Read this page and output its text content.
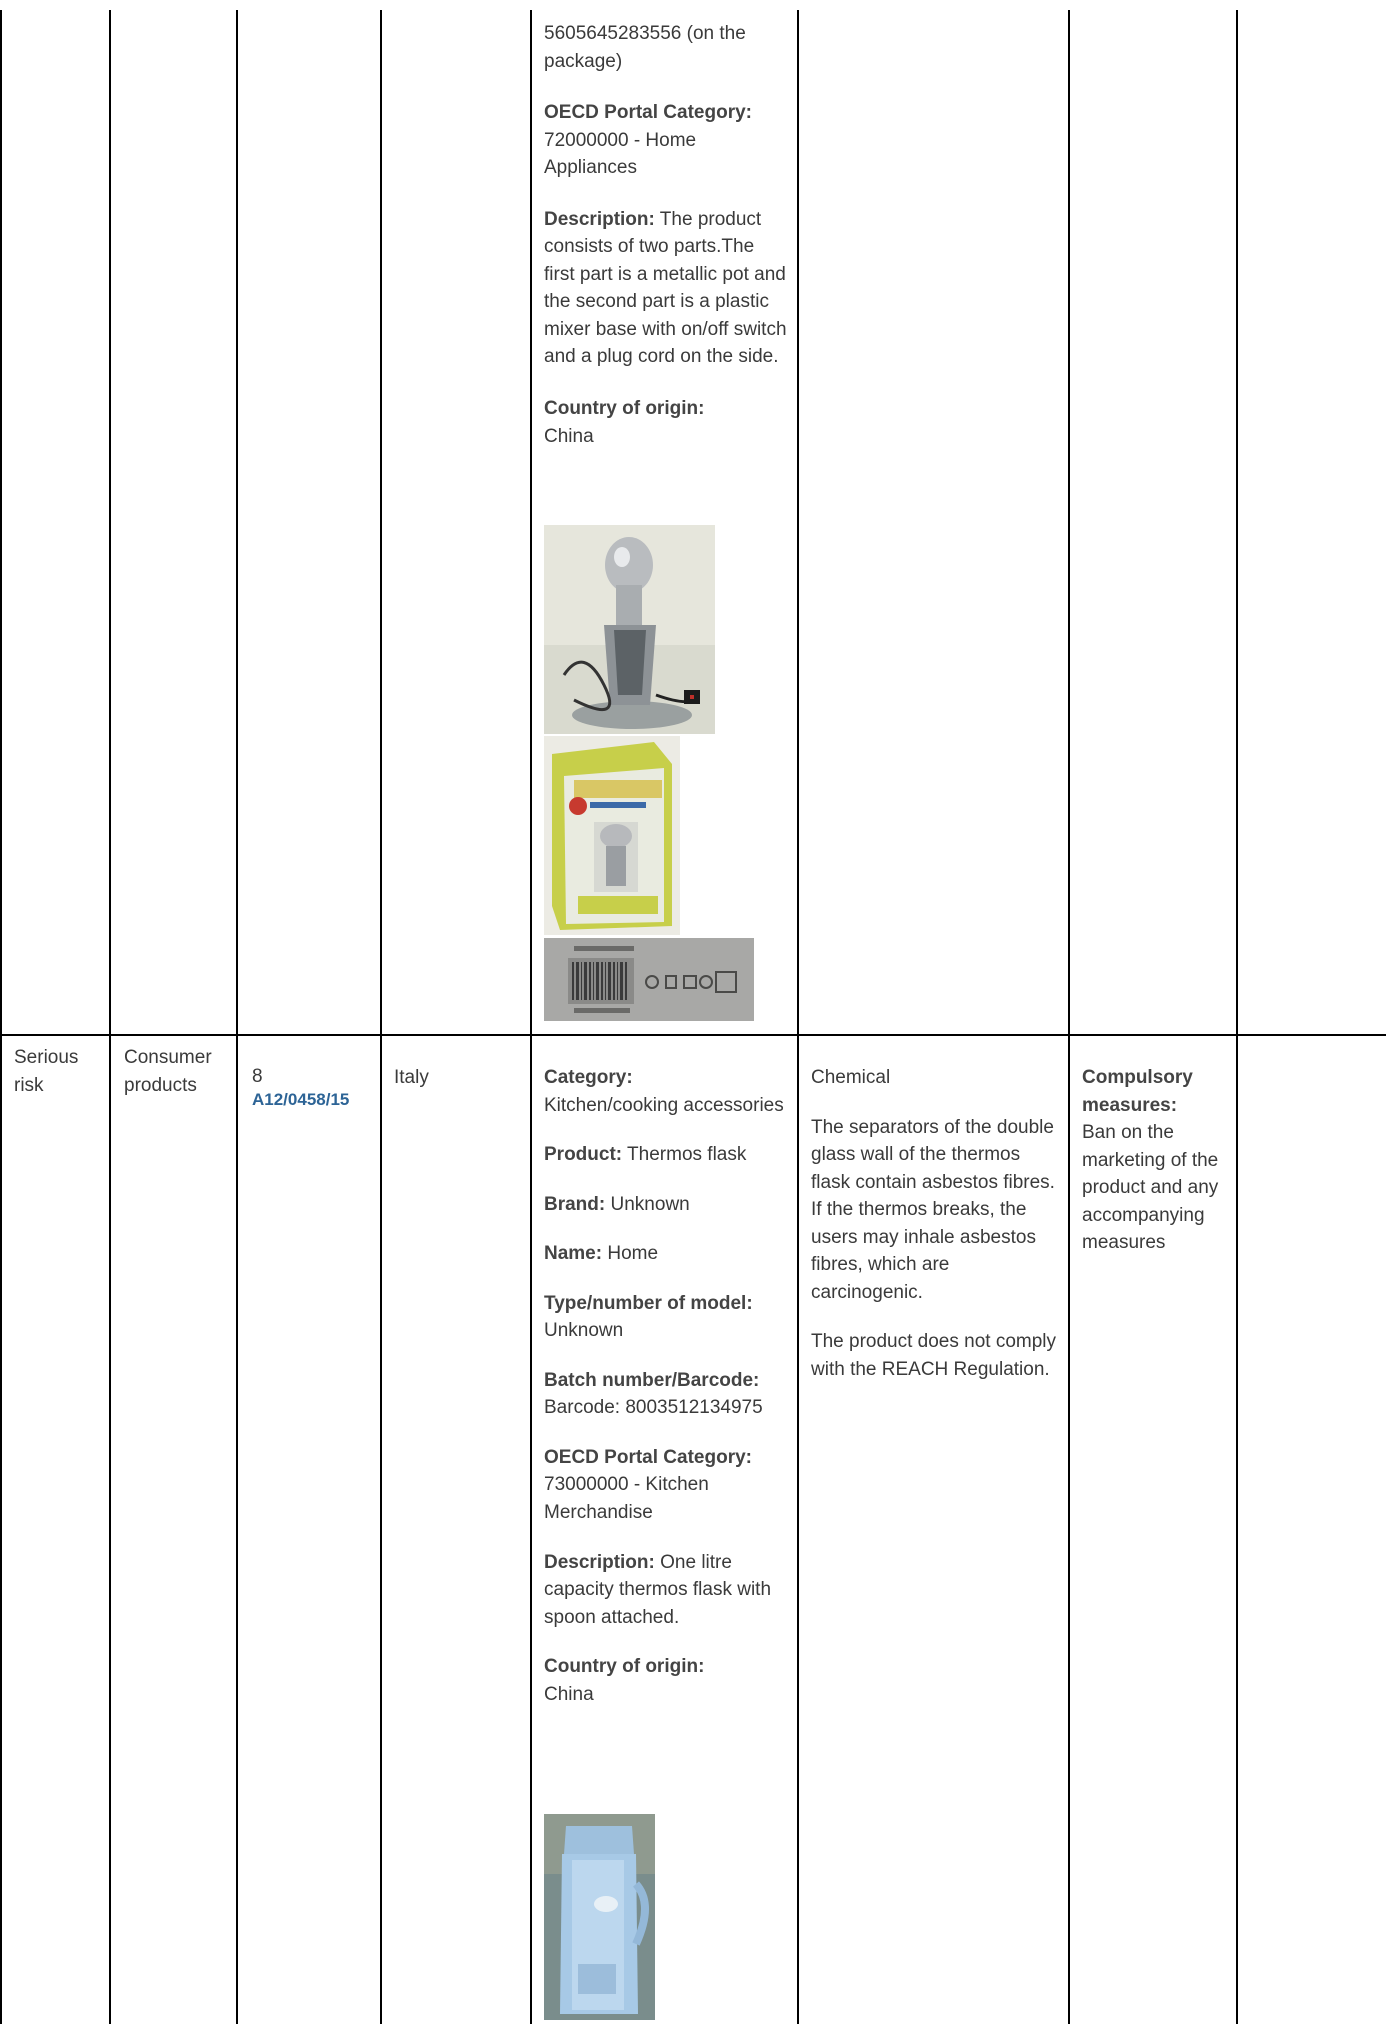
5605645283556 (on the package)

OECD Portal Category: 72000000 - Home Appliances

Description: The product consists of two parts.The first part is a metallic pot and the second part is a plastic mixer base with on/off switch and a plug cord on the side.

Country of origin:
China

Serious risk
Consumer products	8
A12/0458/15
Italy	Category:
Kitchen/cooking accessories

Product: Thermos flask

Brand: Unknown

Name: Home

Type/number of model: Unknown

Batch number/Barcode: Barcode: 8003512134975

OECD Portal Category: 73000000 - Kitchen Merchandise

Description: One litre capacity thermos flask with spoon attached.

Country of origin:
China

Chemical

The separators of the double glass wall of the thermos flask contain asbestos fibres. If the thermos breaks, the users may inhale asbestos fibres, which are carcinogenic.

The product does not comply with the REACH Regulation.

Compulsory measures:
Ban on the marketing of the product and any accompanying measures
